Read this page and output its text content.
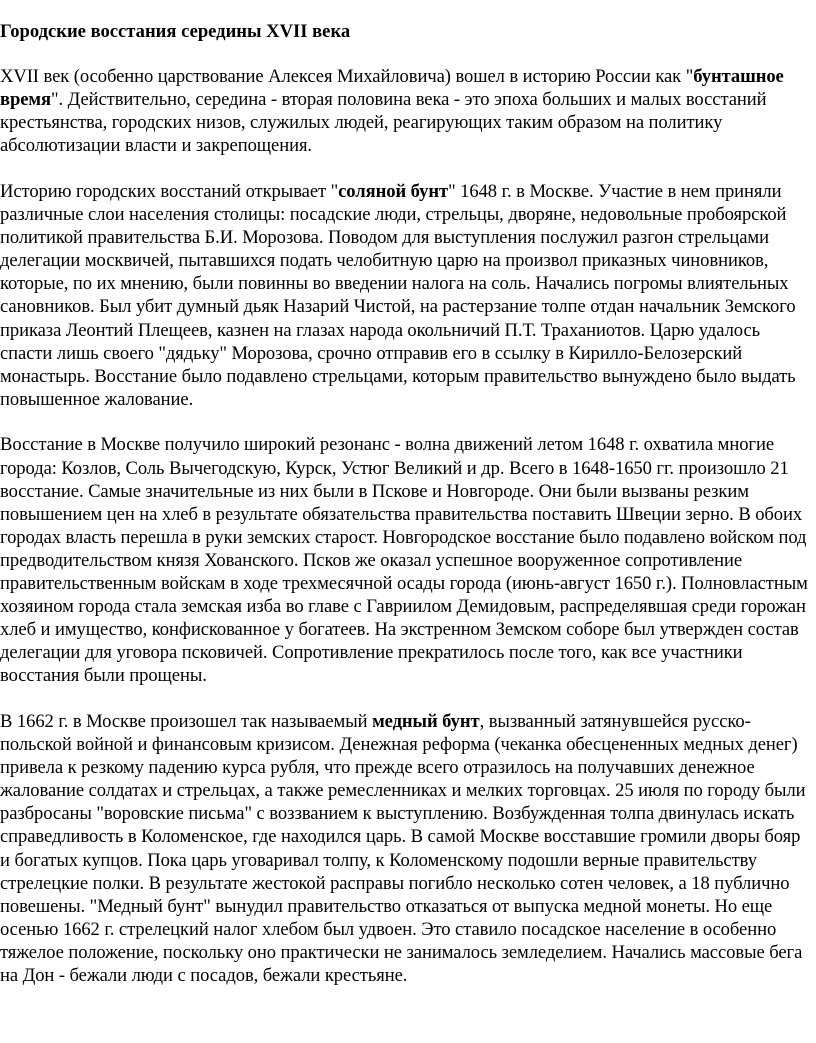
Городские восстания середины XVII века

XVII век (особенно царствование Алексея Михайловича) вошел в историю России как "бунташное время". Действительно, середина - вторая половина века - это эпоха больших и малых восстаний крестьянства, городских низов, служилых людей, реагирующих таким образом на политику абсолютизации власти и закрепощения.

Историю городских восстаний открывает "соляной бунт" 1648 г. в Москве. Участие в нем приняли различные слои населения столицы: посадские люди, стрельцы, дворяне, недовольные пробоярской политикой правительства Б.И. Морозова. Поводом для выступления послужил разгон стрельцами делегации москвичей, пытавшихся подать челобитную царю на произвол приказных чиновников, которые, по их мнению, были повинны во введении налога на соль. Начались погромы влиятельных сановников. Был убит думный дьяк Назарий Чистой, на растерзание толпе отдан начальник Земского приказа Леонтий Плещеев, казнен на глазах народа окольничий П.Т. Траханиотов. Царю удалось спасти лишь своего "дядьку" Морозова, срочно отправив его в ссылку в Кирилло-Белозерский монастырь. Восстание было подавлено стрельцами, которым правительство вынуждено было выдать повышенное жалование.

Восстание в Москве получило широкий резонанс - волна движений летом 1648 г. охватила многие города: Козлов, Соль Вычегодскую, Курск, Устюг Великий и др. Всего в 1648-1650 гг. произошло 21 восстание. Самые значительные из них были в Пскове и Новгороде. Они были вызваны резким повышением цен на хлеб в результате обязательства правительства поставить Швеции зерно. В обоих городах власть перешла в руки земских старост. Новгородское восстание было подавлено войском под предводительством князя Хованского. Псков же оказал успешное вооруженное сопротивление правительственным войскам в ходе трехмесячной осады города (июнь-август 1650 г.). Полновластным хозяином города стала земская изба во главе с Гавриилом Демидовым, распределявшая среди горожан хлеб и имущество, конфискованное у богатеев. На экстренном Земском соборе был утвержден состав делегации для уговора псковичей. Сопротивление прекратилось после того, как все участники восстания были прощены.

В 1662 г. в Москве произошел так называемый медный бунт, вызванный затянувшейся русско-польской войной и финансовым кризисом. Денежная реформа (чеканка обесцененных медных денег) привела к резкому падению курса рубля, что прежде всего отразилось на получавших денежное жалование солдатах и стрельцах, а также ремесленниках и мелких торговцах. 25 июля по городу были разбросаны "воровские письма" с воззванием к выступлению. Возбужденная толпа двинулась искать справедливость в Коломенское, где находился царь. В самой Москве восставшие громили дворы бояр и богатых купцов. Пока царь уговаривал толпу, к Коломенскому подошли верные правительству стрелецкие полки. В результате жестокой расправы погибло несколько сотен человек, а 18 публично повешены. "Медный бунт" вынудил правительство отказаться от выпуска медной монеты. Но еще осенью 1662 г. стрелецкий налог хлебом был удвоен. Это ставило посадское население в особенно тяжелое положение, поскольку оно практически не занималось земледелием. Начались массовые бега на Дон - бежали люди с посадов, бежали крестьяне.
